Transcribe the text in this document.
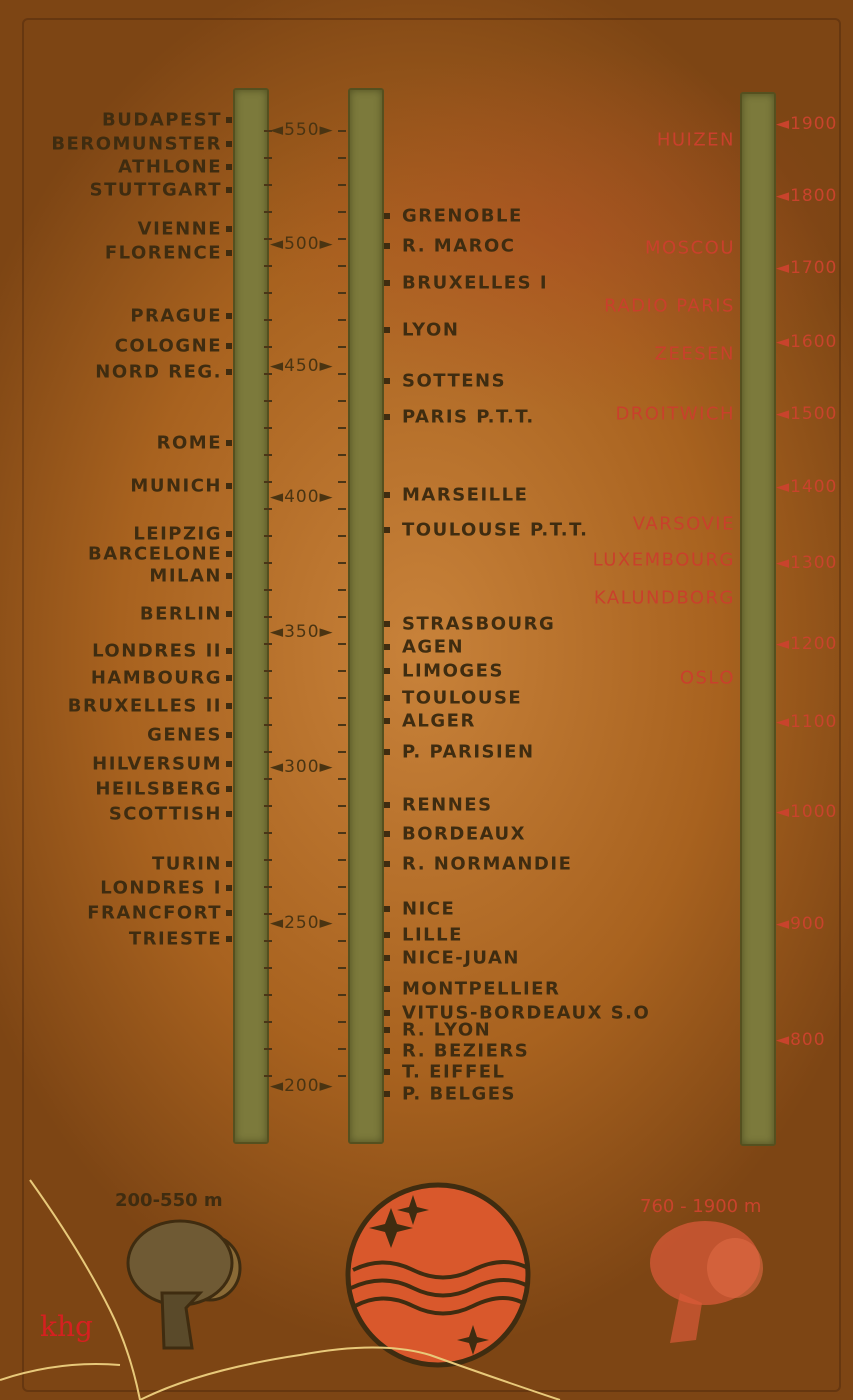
◄550►
◄500►
◄450►
◄400►
◄350►
◄300►
◄250►
◄200►
◄1900
◄1800
◄1700
◄1600
◄1500
◄1400
◄1300
◄1200
◄1100
◄1000
◄900
◄800
BUDAPEST
BEROMUNSTER
ATHLONE
STUTTGART
VIENNE
FLORENCE
PRAGUE
COLOGNE
NORD REG.
ROME
MUNICH
LEIPZIG
BARCELONE
MILAN
BERLIN
LONDRES II
HAMBOURG
BRUXELLES II
GENES
HILVERSUM
HEILSBERG
SCOTTISH
TURIN
LONDRES I
FRANCFORT
TRIESTE
GRENOBLE
R. MAROC
BRUXELLES I
LYON
SOTTENS
PARIS P.T.T.
MARSEILLE
TOULOUSE P.T.T.
STRASBOURG
AGEN
LIMOGES
TOULOUSE
ALGER
P. PARISIEN
RENNES
BORDEAUX
R. NORMANDIE
NICE
LILLE
NICE-JUAN
MONTPELLIER
VITUS-BORDEAUX S.O
R. LYON
R. BEZIERS
T. EIFFEL
P. BELGES
HUIZEN
MOSCOU
RADIO PARIS
ZEESEN
DROITWICH
VARSOVIE
LUXEMBOURG
KALUNDBORG
OSLO
200-550 m	760 - 1900 m
khg
